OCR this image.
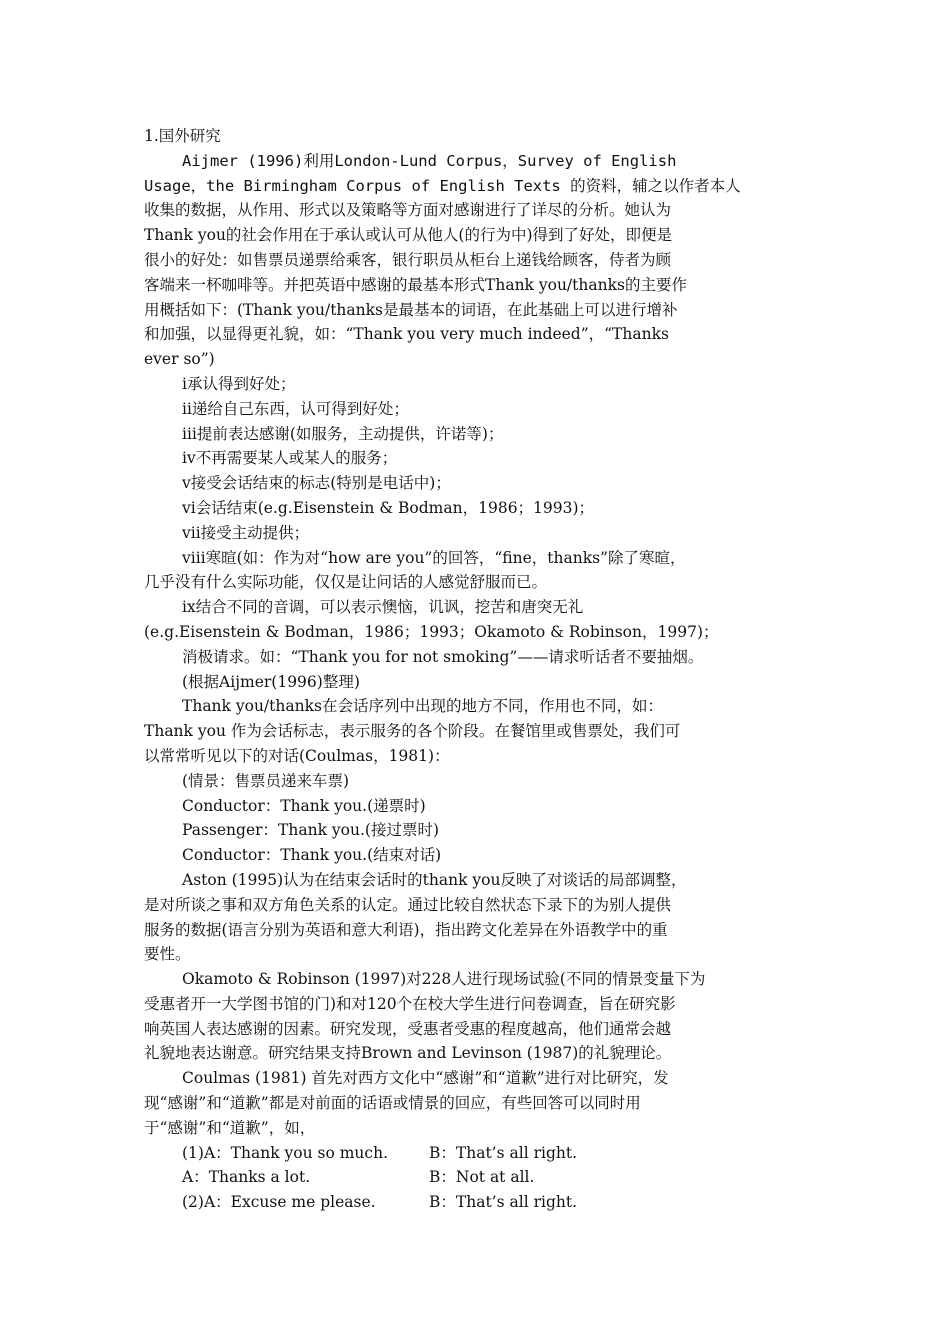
1.国外研究
Aijmer (1996)利用London-Lund Corpus，Survey of English
Usage，the Birmingham Corpus of English Texts 的资料，辅之以作者本人
收集的数据，从作用、形式以及策略等方面对感谢进行了详尽的分析。她认为
Thank you的社会作用在于承认或认可从他人(的行为中)得到了好处，即便是
很小的好处：如售票员递票给乘客，银行职员从柜台上递钱给顾客，侍者为顾
客端来一杯咖啡等。并把英语中感谢的最基本形式Thank you/thanks的主要作
用概括如下：(Thank you/thanks是最基本的词语，在此基础上可以进行增补
和加强，以显得更礼貌，如：“Thank you very much indeed”，“Thanks
ever so”)
ⅰ承认得到好处；
ⅱ递给自己东西，认可得到好处；
ⅲ提前表达感谢(如服务，主动提供，许诺等)；
ⅳ不再需要某人或某人的服务；
ⅴ接受会话结束的标志(特别是电话中)；
ⅵ会话结束(e.g.Eisenstein & Bodman，1986；1993)；
ⅶ接受主动提供；
ⅷ寒暄(如：作为对“how are you”的回答，“fine，thanks”除了寒暄，
几乎没有什么实际功能，仅仅是让问话的人感觉舒服而已。
ⅸ结合不同的音调，可以表示懊恼，讥讽，挖苦和唐突无礼
(e.g.Eisenstein & Bodman，1986；1993；Okamoto & Robinson，1997)；
消极请求。如：“Thank you for not smoking”——请求听话者不要抽烟。
(根据Aijmer(1996)整理)
Thank you/thanks在会话序列中出现的地方不同，作用也不同，如：
Thank you 作为会话标志，表示服务的各个阶段。在餐馆里或售票处，我们可
以常常听见以下的对话(Coulmas，1981)：
(情景：售票员递来车票)
Conductor：Thank you.(递票时)
Passenger：Thank you.(接过票时)
Conductor：Thank you.(结束对话)
Aston (1995)认为在结束会话时的thank you反映了对谈话的局部调整，
是对所谈之事和双方角色关系的认定。通过比较自然状态下录下的为别人提供
服务的数据(语言分别为英语和意大利语)，指出跨文化差异在外语教学中的重
要性。
Okamoto & Robinson (1997)对228人进行现场试验(不同的情景变量下为
受惠者开一大学图书馆的门)和对120个在校大学生进行问卷调查，旨在研究影
响英国人表达感谢的因素。研究发现，受惠者受惠的程度越高，他们通常会越
礼貌地表达谢意。研究结果支持Brown and Levinson (1987)的礼貌理论。
Coulmas (1981) 首先对西方文化中“感谢”和“道歉”进行对比研究，发
现“感谢”和“道歉”都是对前面的话语或情景的回应，有些回答可以同时用
于“感谢”和“道歉”，如，
(1)A：Thank you so much.	B：That’s all right.
A：Thanks a lot.	B：Not at all.
(2)A：Excuse me please.	B：That’s all right.
